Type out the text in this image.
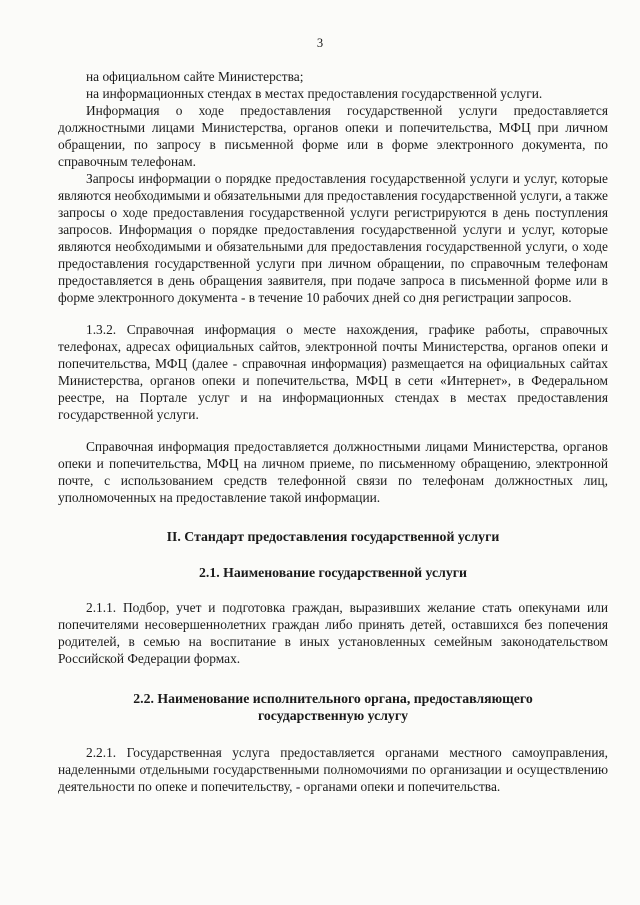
3

на официальном сайте Министерства;

на информационных стендах в местах предоставления государственной услуги.

Информация о ходе предоставления государственной услуги предоставляется должностными лицами Министерства, органов опеки и попечительства, МФЦ при личном обращении, по запросу в письменной форме или в форме электронного документа, по справочным телефонам.

Запросы информации о порядке предоставления государственной услуги и услуг, которые являются необходимыми и обязательными для предоставления государственной услуги, а также запросы о ходе предоставления государственной услуги регистрируются в день поступления запросов. Информация о порядке предоставления государственной услуги и услуг, которые являются необходимыми и обязательными для предоставления государственной услуги, о ходе предоставления государственной услуги при личном обращении, по справочным телефонам предоставляется в день обращения заявителя, при подаче запроса в письменной форме или в форме электронного документа - в течение 10 рабочих дней со дня регистрации запросов.

1.3.2. Справочная информация о месте нахождения, графике работы, справочных телефонах, адресах официальных сайтов, электронной почты Министерства, органов опеки и попечительства, МФЦ (далее - справочная информация) размещается на официальных сайтах Министерства, органов опеки и попечительства, МФЦ в сети «Интернет», в Федеральном реестре, на Портале услуг и на информационных стендах в местах предоставления государственной услуги.

Справочная информация предоставляется должностными лицами Министерства, органов опеки и попечительства, МФЦ на личном приеме, по письменному обращению, электронной почте, с использованием средств телефонной связи по телефонам должностных лиц, уполномоченных на предоставление такой информации.

II. Стандарт предоставления государственной услуги
2.1. Наименование государственной услуги

2.1.1. Подбор, учет и подготовка граждан, выразивших желание стать опекунами или попечителями несовершеннолетних граждан либо принять детей, оставшихся без попечения родителей, в семью на воспитание в иных установленных семейным законодательством Российской Федерации формах.

2.2. Наименование исполнительного органа, предоставляющего
государственную услугу

2.2.1. Государственная услуга предоставляется органами местного самоуправления, наделенными отдельными государственными полномочиями по организации и осуществлению деятельности по опеке и попечительству, - органами опеки и попечительства.
